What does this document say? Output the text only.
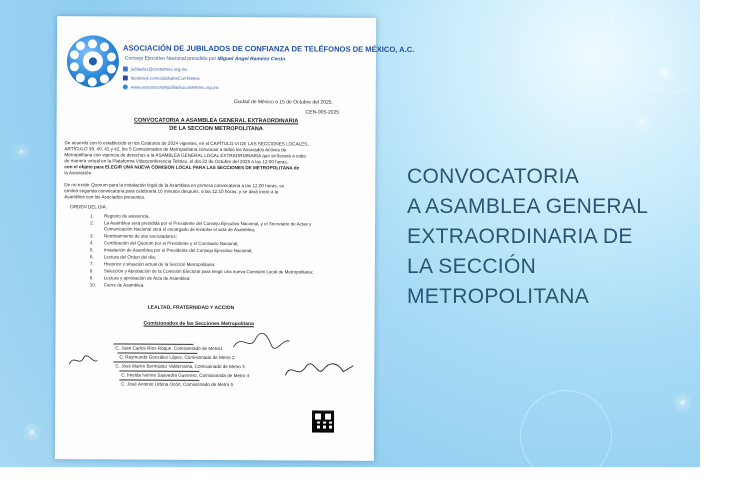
ASOCIACIÓN DE JUBILADOS DE CONFIANZA DE TELÉFONOS DE MÉXICO, A.C.
Consejo Ejecutivo Nacional presidido por Miguel Ángel Ramírez Cerón
jubilados@contelmex.org.mx
facebook.com/JubiladosConTelmex
www.asociaciondejubiladoscontelmex.org.mx
Ciudad de México a 15 de Octubre del 2025.
CEN-005-2025
CONVOCATORIA A ASAMBLEA GENERAL EXTRAORDINARIA
DE LA SECCION METROPOLITANA
De acuerdo con lo establecido en los Estatutos de 2024 vigentes, en el CAPÍTULO VI DE LAS SECCIONES LOCALES,
ARTÍCULO 39, 40, 41 y 42, los 5 Comisionados de Metropolitana convocan a todos los Asociados Activos de
Metropolitana con vigencia de derechos a la ASAMBLEA GENERAL LOCAL EXTRAORDINARIA que se llevará a cabo
de manera virtual en la Plataforma Videoconferencia Telmex, el día 22 de Octubre del 2025 a las 12:00 horas,
con el objeto para ELEGIR UNA NUEVA COMISION LOCAL PARA LAS SECCIONES DE METROPOLITANA de
la Asociación.
De no existir Quorum para la instalación legal de la Asamblea en primera convocatoria a las 12:00 horas, se
emitirá segunda convocatoria para celebrarla 10 minutos después, a las 12:10 horas, y se dará inicio a la
Asamblea con los Asociados presentes.
ORDEN DEL DIA:
1. Registro de asistencia.
2. La Asamblea será presidida por el Presidente del Consejo Ejecutivo Nacional, y el Secretario de Actas y
Comunicación Nacional será el encargado de levantar el acta de Asamblea;
3. Nombramiento de dos escrutadores;
4. Certificación del Quorum por el Presidente y el Comisario Nacional;
5. Instalación de Asamblea por el Presidente del Consejo Ejecutivo Nacional;
6. Lectura del Orden del día;
7. Historico y situación actual de la Sección Metropolitana;
8. Selección y Aprobación de la Comisión Electoral para elegir una nueva Comisión Local de Metropolitana;
9. Lectura y aprobación de Acta de Asamblea;
10. Cierre de Asamblea.
LEALTAD, FRATERNIDAD Y ACCION
Comisionados de las Secciones Metropolitana
C. Juan Carlos Ríos Roque, Comisionado de Metro1
C. Raymundo González López, Comisionado de Metro 2
C. José Martín Bermúdez Valderrama, Comisionado de Metro 3
C. Imelda Ivonne Saavedra Guerrero, Comisionada de Metro 4
C. José Antonio Urbina Ocón, Comisionado de Metro 5
CONVOCATORIA
A ASAMBLEA GENERAL
EXTRAORDINARIA DE
LA SECCIÓN
METROPOLITANA
